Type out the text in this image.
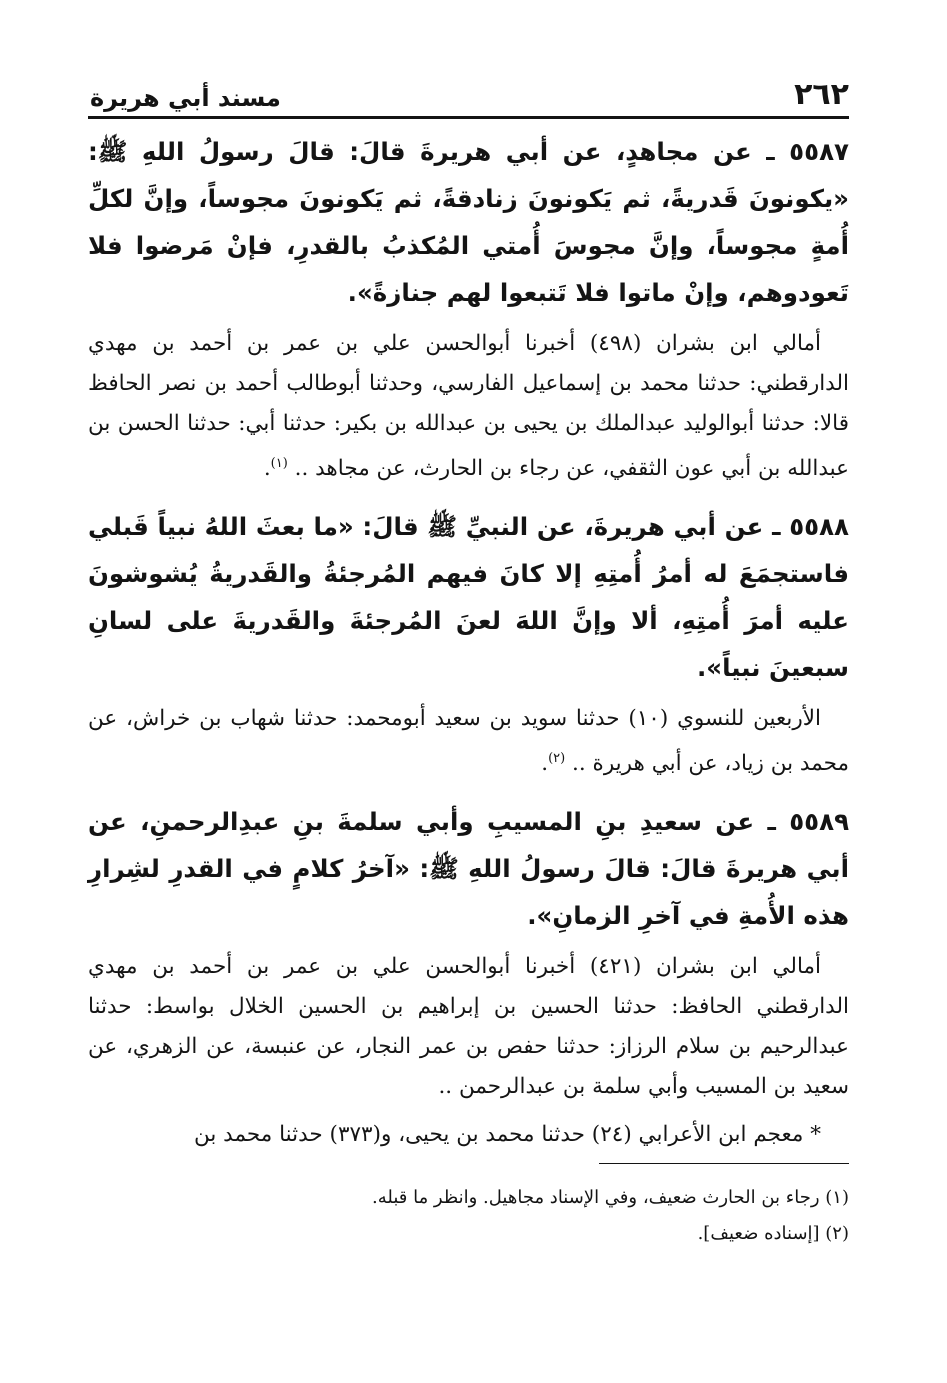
٢٦٢
مسند أبي هريرة

٥٥٨٧ ـ عن مجاهدٍ، عن أبي هريرةَ قالَ: قالَ رسولُ اللهِ ﷺ: «يكونونَ قَدريةً، ثم يَكونونَ زنادقةً، ثم يَكونونَ مجوساً، وإنَّ لكلِّ أُمةٍ مجوساً، وإنَّ مجوسَ أُمتي المُكذبُ بالقدرِ، فإنْ مَرضوا فلا تَعودوهم، وإنْ ماتوا فلا تَتبعوا لهم جنازةً».

أمالي ابن بشران (٤٩٨) أخبرنا أبوالحسن علي بن عمر بن أحمد بن مهدي الدارقطني: حدثنا محمد بن إسماعيل الفارسي، وحدثنا أبوطالب أحمد بن نصر الحافظ قالا: حدثنا أبوالوليد عبدالملك بن يحيى بن عبدالله بن بكير: حدثنا أبي: حدثنا الحسن بن عبدالله بن أبي عون الثقفي، عن رجاء بن الحارث، عن مجاهد .. $^{(١)}$.

٥٥٨٨ ـ عن أبي هريرةَ، عن النبيِّ ﷺ قالَ: «ما بعثَ اللهُ نبياً قَبلي فاستجمَعَ له أمرُ أُمتِهِ إلا كانَ فيهم المُرجئةُ والقَدريةُ يُشوشونَ عليه أمرَ أُمتِهِ، ألا وإنَّ اللهَ لعنَ المُرجئةَ والقَدريةَ على لسانِ سبعينَ نبياً».

الأربعين للنسوي (١٠) حدثنا سويد بن سعيد أبومحمد: حدثنا شهاب بن خراش، عن محمد بن زياد، عن أبي هريرة .. $^{(٢)}$.

٥٥٨٩ ـ عن سعيدِ بنِ المسيبِ وأبي سلمةَ بنِ عبدِالرحمنِ، عن أبي هريرةَ قالَ: قالَ رسولُ اللهِ ﷺ: «آخرُ كلامٍ في القدرِ لشِرارِ هذه الأُمةِ في آخرِ الزمانِ».

أمالي ابن بشران (٤٢١) أخبرنا أبوالحسن علي بن عمر بن أحمد بن مهدي الدارقطني الحافظ: حدثنا الحسين بن إبراهيم بن الحسين الخلال بواسط: حدثنا عبدالرحيم بن سلام الرزاز: حدثنا حفص بن عمر النجار، عن عنبسة، عن الزهري، عن سعيد بن المسيب وأبي سلمة بن عبدالرحمن ..

* معجم ابن الأعرابي (٢٤) حدثنا محمد بن يحيى، و(٣٧٣) حدثنا محمد بن

(١) رجاء بن الحارث ضعيف، وفي الإسناد مجاهيل. وانظر ما قبله.

(٢) [إسناده ضعيف].
